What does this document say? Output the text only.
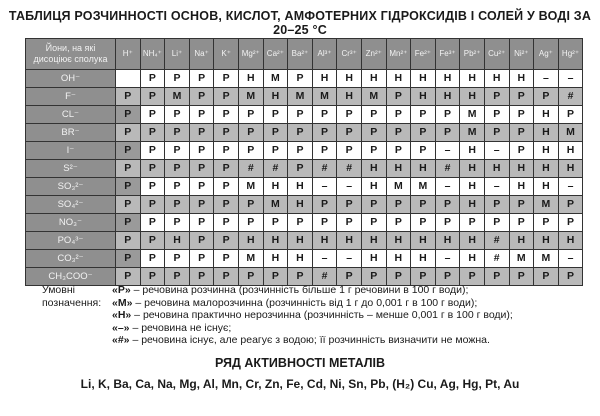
ТАБЛИЦЯ РОЗЧИННОСТІ ОСНОВ, КИСЛОТ, АМФОТЕРНИХ ГІДРОКСИДІВ І СОЛЕЙ У ВОДІ ЗА 20–25 °С
Йони, на які дисоціює сполука	H⁺	NH₄⁺	Li⁺	Na⁺	K⁺	Mg²⁺	Ca²⁺	Ba²⁺	Al³⁺	Cr³⁺	Zn²⁺	Mn²⁺	Fe²⁺	Fe³⁺	Pb²⁺	Cu²⁺	Ni²⁺	Ag⁺	Hg²⁺
OH⁻		Р	Р	Р	Р	Н	М	Р	Н	Н	Н	Н	Н	Н	Н	Н	Н	–	–
F⁻	Р	Р	М	Р	Р	М	Н	М	М	Н	М	Р	Н	Н	Н	Р	Р	Р	#
CL⁻	Р	Р	Р	Р	Р	Р	Р	Р	Р	Р	Р	Р	Р	Р	М	Р	Р	Н	Р
BR⁻	Р	Р	Р	Р	Р	Р	Р	Р	Р	Р	Р	Р	Р	Р	М	Р	Р	Н	М
I⁻	Р	Р	Р	Р	Р	Р	Р	Р	Р	Р	Р	Р	Р	–	Н	–	Р	Н	Н
S²⁻	Р	Р	Р	Р	Р	#	#	Р	#	#	Н	Н	Н	#	Н	Н	Н	Н	Н
SO₃²⁻	Р	Р	Р	Р	Р	М	Н	Н	–	–	Н	М	М	–	Н	–	Н	Н	–
SO₄²⁻	Р	Р	Р	Р	Р	Р	М	Н	Р	Р	Р	Р	Р	Р	Н	Р	Р	М	Р
NO₃⁻	Р	Р	Р	Р	Р	Р	Р	Р	Р	Р	Р	Р	Р	Р	Р	Р	Р	Р	Р
PO₄³⁻	Р	Р	Н	Р	Р	Н	Н	Н	Н	Н	Н	Н	Н	Н	Н	#	Н	Н	Н
CO₃²⁻	Р	Р	Р	Р	Р	М	Н	Н	–	–	Н	Н	Н	–	Н	#	М	М	–
CH₃COO⁻	Р	Р	Р	Р	Р	Р	Р	Р	#	Р	Р	Р	Р	Р	Р	Р	Р	Р	Р
Умовні позначення:
«Р» – речовина розчинна (розчинність більше 1 г речовини в 100 г води);
«М» – речовина малорозчинна (розчинність від 1 г до 0,001 г в 100 г води);
«Н» – речовина практично нерозчинна (розчинність – менше 0,001 г в 100 г води);
«–» – речовина не існує;
«#» – речовина існує, але реагує з водою; її розчинність визначити не можна.
РЯД АКТИВНОСТІ МЕТАЛІВ
Li, K, Ba, Ca, Na, Mg, Al, Mn, Cr, Zn, Fe, Cd, Ni, Sn, Pb, (H₂) Cu, Ag, Hg, Pt, Au
